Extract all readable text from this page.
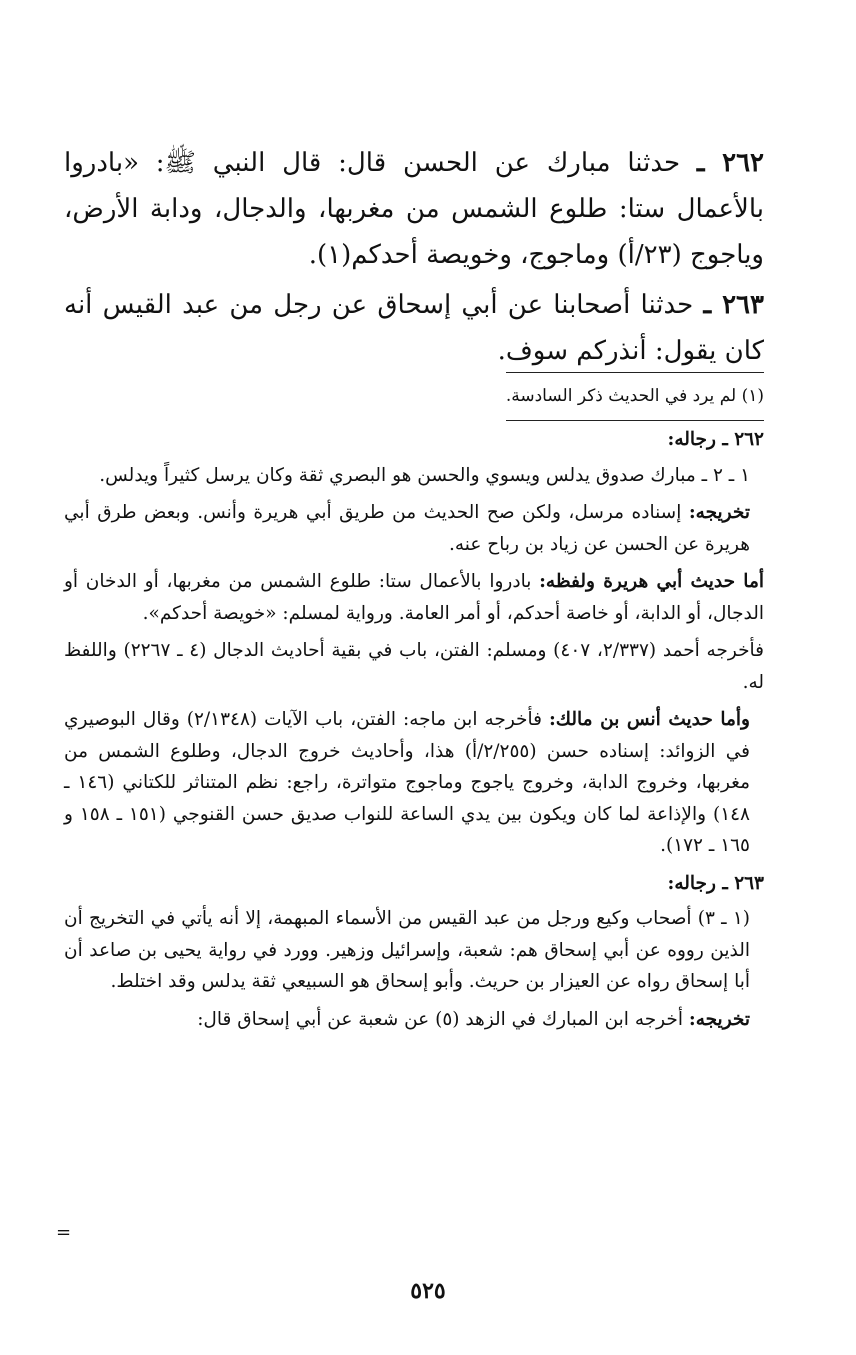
٢٦٢ ـ حدثنا مبارك عن الحسن قال: قال النبي ﷺ: «بادروا بالأعمال ستا: طلوع الشمس من مغربها، والدجال، ودابة الأرض، وياجوج (٢٣/أ) وماجوج، وخويصة أحدكم(١).

٢٦٣ ـ حدثنا أصحابنا عن أبي إسحاق عن رجل من عبد القيس أنه كان يقول: أنذركم سوف.

(١) لم يرد في الحديث ذكر السادسة.

٢٦٢ ـ رجاله:

١ ـ ٢ ـ مبارك صدوق يدلس ويسوي والحسن هو البصري ثقة وكان يرسل كثيراً ويدلس.

تخريجه: إسناده مرسل، ولكن صح الحديث من طريق أبي هريرة وأنس. وبعض طرق أبي هريرة عن الحسن عن زياد بن رباح عنه.

أما حديث أبي هريرة ولفظه: بادروا بالأعمال ستا: طلوع الشمس من مغربها، أو الدخان أو الدجال، أو الدابة، أو خاصة أحدكم، أو أمر العامة. ورواية لمسلم: «خويصة أحدكم».

فأخرجه أحمد (٢/٣٣٧، ٤٠٧) ومسلم: الفتن، باب في بقية أحاديث الدجال (٤ ـ ٢٢٦٧) واللفظ له.

وأما حديث أنس بن مالك: فأخرجه ابن ماجه: الفتن، باب الآيات (٢/١٣٤٨) وقال البوصيري في الزوائد: إسناده حسن (٢/٢٥٥/أ) هذا، وأحاديث خروج الدجال، وطلوع الشمس من مغربها، وخروج الدابة، وخروج ياجوج وماجوج متواترة، راجع: نظم المتناثر للكتاني (١٤٦ ـ ١٤٨) والإذاعة لما كان ويكون بين يدي الساعة للنواب صديق حسن القنوجي (١٥١ ـ ١٥٨ و ١٦٥ ـ ١٧٢).

٢٦٣ ـ رجاله:

(١ ـ ٣) أصحاب وكيع ورجل من عبد القيس من الأسماء المبهمة، إلا أنه يأتي في التخريج أن الذين رووه عن أبي إسحاق هم: شعبة، وإسرائيل وزهير. وورد في رواية يحيى بن صاعد أن أبا إسحاق رواه عن العيزار بن حريث. وأبو إسحاق هو السبيعي ثقة يدلس وقد اختلط.

تخريجه: أخرجه ابن المبارك في الزهد (٥) عن شعبة عن أبي إسحاق قال:

=
٥٢٥
